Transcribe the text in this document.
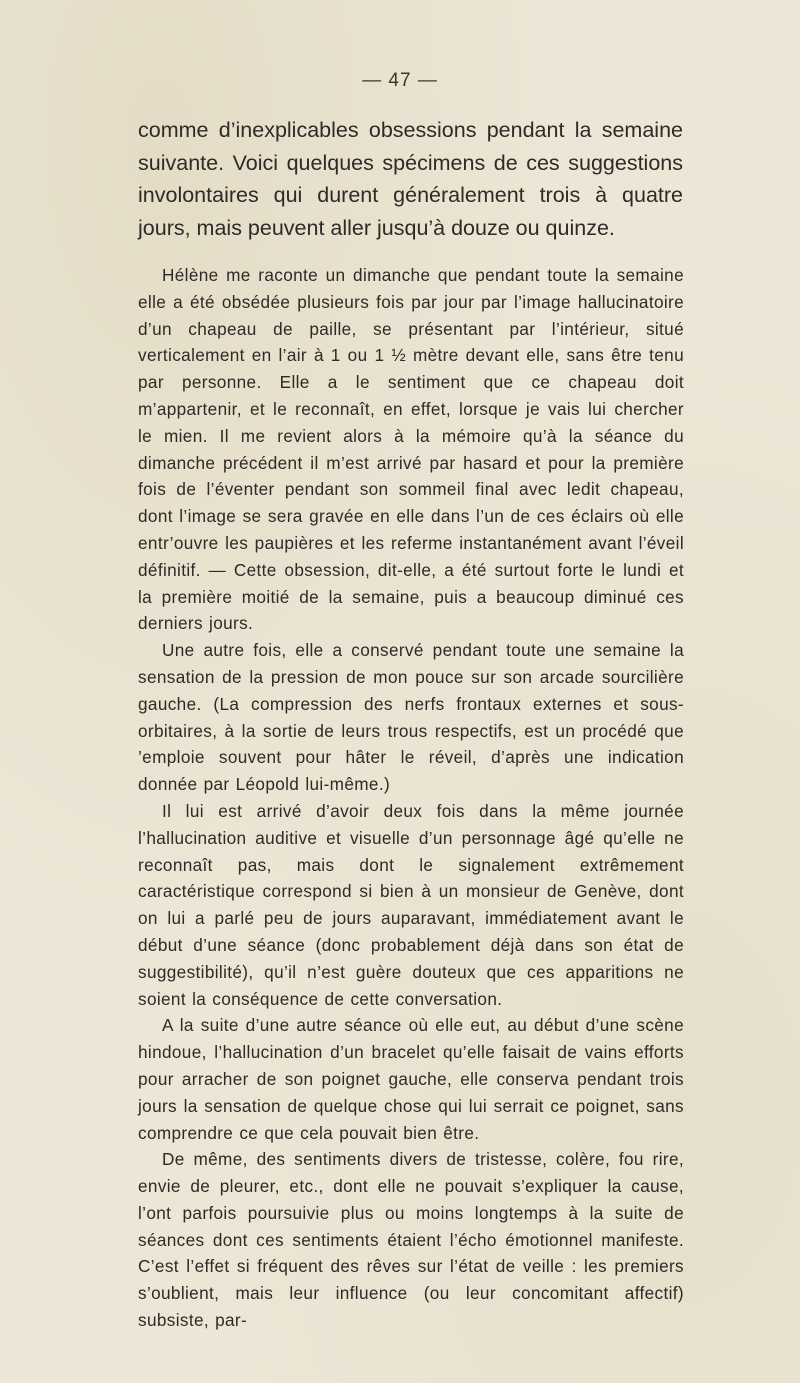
— 47 —

comme d’inexplicables obsessions pendant la semaine suivante. Voici quelques spécimens de ces suggestions involontaires qui durent généralement trois à quatre jours, mais peuvent aller jusqu’à douze ou quinze.

Hélène me raconte un dimanche que pendant toute la semaine elle a été obsédée plusieurs fois par jour par l’image hallucinatoire d’un chapeau de paille, se présentant par l’intérieur, situé verticalement en l’air à 1 ou 1 ½ mètre devant elle, sans être tenu par personne. Elle a le sentiment que ce chapeau doit m’appartenir, et le reconnaît, en effet, lorsque je vais lui chercher le mien. Il me revient alors à la mémoire qu’à la séance du dimanche précédent il m’est arrivé par hasard et pour la première fois de l’éventer pendant son sommeil final avec ledit chapeau, dont l’image se sera gravée en elle dans l’un de ces éclairs où elle entr’ouvre les paupières et les referme instantanément avant l’éveil définitif. — Cette obsession, dit-elle, a été surtout forte le lundi et la première moitié de la semaine, puis a beaucoup diminué ces derniers jours.

Une autre fois, elle a conservé pendant toute une semaine la sensation de la pression de mon pouce sur son arcade sourcilière gauche. (La compression des nerfs frontaux externes et sous-orbitaires, à la sortie de leurs trous respectifs, est un procédé que ’emploie souvent pour hâter le réveil, d’après une indication donnée par Léopold lui-même.)

Il lui est arrivé d’avoir deux fois dans la même journée l’hallucination auditive et visuelle d’un personnage âgé qu’elle ne reconnaît pas, mais dont le signalement extrêmement caractéristique correspond si bien à un monsieur de Genève, dont on lui a parlé peu de jours auparavant, immédiatement avant le début d’une séance (donc probablement déjà dans son état de suggestibilité), qu’il n’est guère douteux que ces apparitions ne soient la conséquence de cette conversation.

A la suite d’une autre séance où elle eut, au début d’une scène hindoue, l’hallucination d’un bracelet qu’elle faisait de vains efforts pour arracher de son poignet gauche, elle conserva pendant trois jours la sensation de quelque chose qui lui serrait ce poignet, sans comprendre ce que cela pouvait bien être.

De même, des sentiments divers de tristesse, colère, fou rire, envie de pleurer, etc., dont elle ne pouvait s’expliquer la cause, l’ont parfois poursuivie plus ou moins longtemps à la suite de séances dont ces sentiments étaient l’écho émotionnel manifeste. C’est l’effet si fréquent des rêves sur l’état de veille : les premiers s’oublient, mais leur influence (ou leur concomitant affectif) subsiste, par-
